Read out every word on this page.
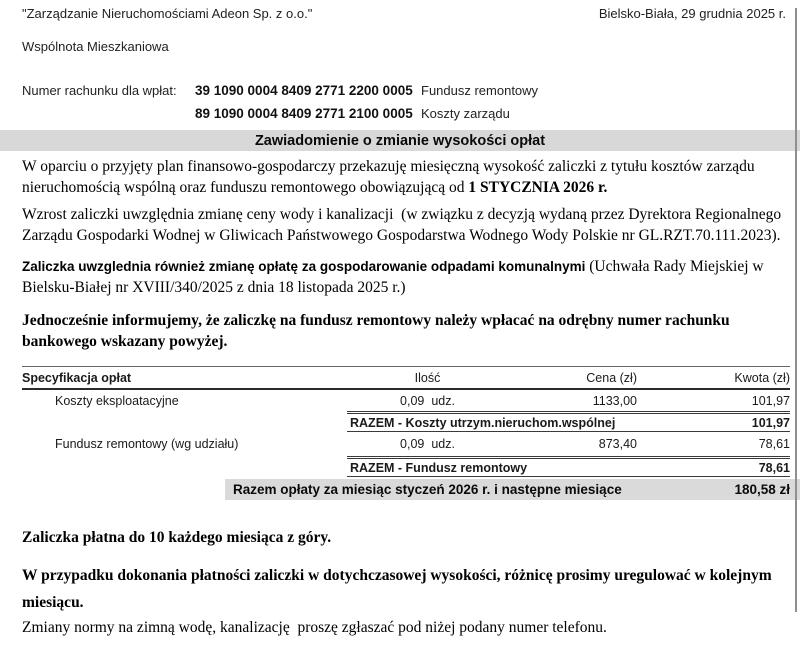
"Zarządzanie Nieruchomościami Adeon Sp. z o.o."	Bielsko-Biała, 29 grudnia 2025 r.
Wspólnota Mieszkaniowa
Numer rachunku dla wpłat:	39 1090 0004 8409 2771 2200 0005 Fundusz remontowy
89 1090 0004 8409 2771 2100 0005 Koszty zarządu
Zawiadomienie o zmianie wysokości opłat

W oparciu o przyjęty plan finansowo-gospodarczy przekazuję miesięczną wysokość zaliczki z tytułu kosztów zarządu nieruchomością wspólną oraz funduszu remontowego obowiązującą od 1 STYCZNIA 2026 r.

Wzrost zaliczki uwzględnia zmianę ceny wody i kanalizacji  (w związku z decyzją wydaną przez Dyrektora Regionalnego Zarządu Gospodarki Wodnej w Gliwicach Państwowego Gospodarstwa Wodnego Wody Polskie nr GL.RZT.70.111.2023).

Zaliczka uwzglednia również zmianę opłatę za gospodarowanie odpadami komunalnymi (Uchwała Rady Miejskiej w Bielsku-Białej nr XVIII/340/2025 z dnia 18 listopada 2025 r.)

Jednocześnie informujemy, że zaliczkę na fundusz remontowy należy wpłacać na odrębny numer rachunku bankowego wskazany powyżej.

Specyfikacja opłat	Ilość	Cena (zł)	Kwota (zł)
Koszty eksploatacyjne	0,09  udz.	1133,00	101,97
RAZEM - Koszty utrzym.nieruchom.wspólnej	101,97
Fundusz remontowy (wg udziału)	0,09  udz.	873,40	78,61
RAZEM - Fundusz remontowy	78,61
Razem opłaty za miesiąc styczeń 2026 r. i następne miesiące	180,58 zł

Zaliczka płatna do 10 każdego miesiąca z góry.

W przypadku dokonania płatności zaliczki w dotychczasowej wysokości, różnicę prosimy uregulować w kolejnym miesiącu.

Zmiany normy na zimną wodę, kanalizację  proszę zgłaszać pod niżej podany numer telefonu.
